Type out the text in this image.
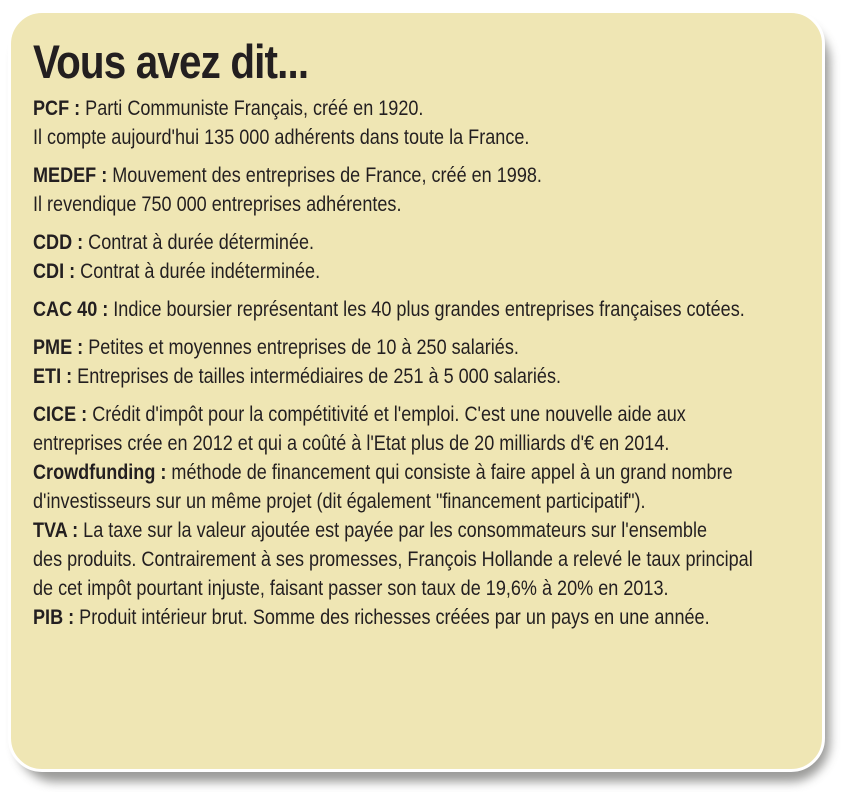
Vous avez dit...
PCF : Parti Communiste Français, créé en 1920.
Il compte aujourd'hui 135 000 adhérents dans toute la France.
MEDEF : Mouvement des entreprises de France, créé en 1998.
Il revendique 750 000 entreprises adhérentes.
CDD : Contrat à durée déterminée.
CDI : Contrat à durée indéterminée.
CAC 40 : Indice boursier représentant les 40 plus grandes entreprises françaises cotées.
PME : Petites et moyennes entreprises de 10 à 250 salariés.
ETI : Entreprises de tailles intermédiaires de 251 à 5 000 salariés.
CICE : Crédit d'impôt pour la compétitivité et l'emploi. C'est une nouvelle aide aux
entreprises crée en 2012 et qui a coûté à l'Etat plus de 20 milliards d'€ en 2014.
Crowdfunding : méthode de financement qui consiste à faire appel à un grand nombre
d'investisseurs sur un même projet (dit également "financement participatif").
TVA : La taxe sur la valeur ajoutée est payée par les consommateurs sur l'ensemble
des produits. Contrairement à ses promesses, François Hollande a relevé le taux principal
de cet impôt pourtant injuste, faisant passer son taux de 19,6% à 20% en 2013.
PIB : Produit intérieur brut. Somme des richesses créées par un pays en une année.
